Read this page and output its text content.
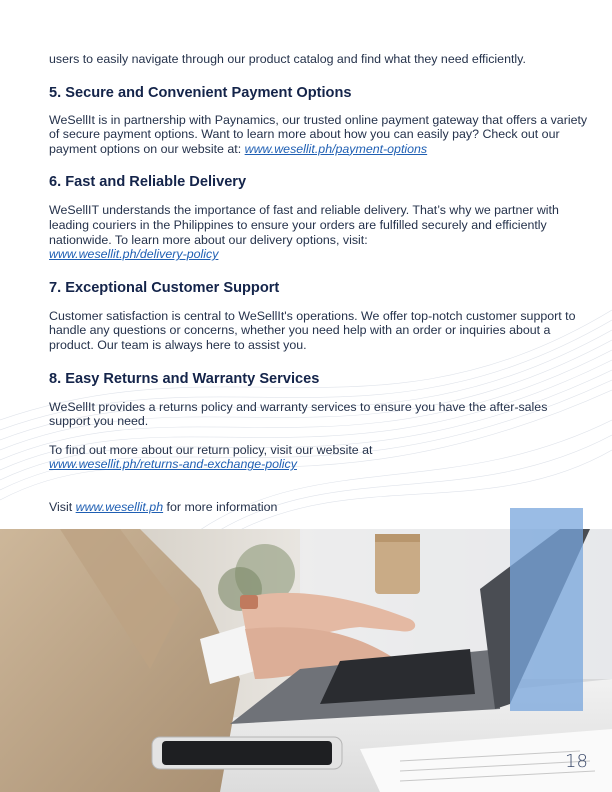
users to easily navigate through our product catalog and find what they need efficiently.

5. Secure and Convenient Payment Options

WeSellIt is in partnership with Paynamics, our trusted online payment gateway that offers a variety of secure payment options. Want to learn more about how you can easily pay? Check out our payment options on our website at: www.wesellit.ph/payment-options

6. Fast and Reliable Delivery

WeSellIT understands the importance of fast and reliable delivery. That’s why we partner with leading couriers in the Philippines to ensure your orders are fulfilled securely and efficiently nationwide. To learn more about our delivery options, visit:
www.wesellit.ph/delivery-policy

7. Exceptional Customer Support

Customer satisfaction is central to WeSellIt's operations. We offer top-notch customer support to handle any questions or concerns, whether you need help with an order or inquiries about a product. Our team is always here to assist you.

8. Easy Returns and Warranty Services

WeSellIt provides a returns policy and warranty services to ensure you have the after-sales support you need.

To find out more about our return policy, visit our website at
www.wesellit.ph/returns-and-exchange-policy

Visit www.wesellit.ph for more information

18
